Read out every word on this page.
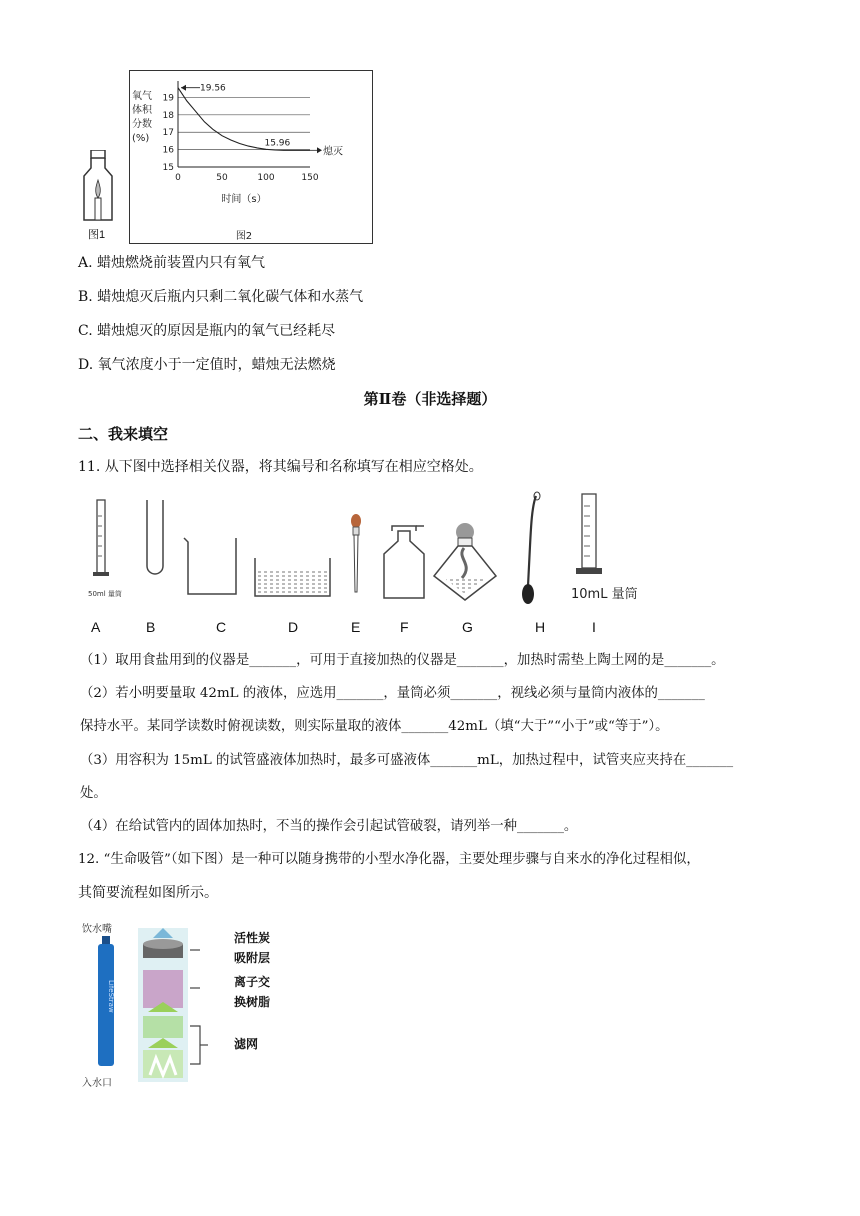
图1
氧气
体积
分数
(%)
15
16
17
18
19
0	50	100	150
时间（s）
图2
19.56
15.96
熄灭
A. 蜡烛燃烧前装置内只有氧气
B. 蜡烛熄灭后瓶内只剩二氧化碳气体和水蒸气
C. 蜡烛熄灭的原因是瓶内的氧气已经耗尽
D. 氧气浓度小于一定值时，蜡烛无法燃烧
第Ⅱ卷（非选择题）
二、我来填空
11. 从下图中选择相关仪器，将其编号和名称填写在相应空格处。
50ml 量筒	10mL 量筒
A	B	C	D	E	F	G	H	I
（1）取用食盐用到的仪器是_______，可用于直接加热的仪器是_______，加热时需垫上陶土网的是_______。
（2）若小明要量取 42mL 的液体，应选用_______，量筒必须_______，视线必须与量筒内液体的_______
保持水平。某同学读数时俯视读数，则实际量取的液体_______42mL（填“大于”“小于”或“等于”）。
（3）用容积为 15mL 的试管盛液体加热时，最多可盛液体_______mL，加热过程中，试管夹应夹持在_______
处。
（4）在给试管内的固体加热时，不当的操作会引起试管破裂，请列举一种_______。
12. “生命吸管”（如下图）是一种可以随身携带的小型水净化器，主要处理步骤与自来水的净化过程相似，
其简要流程如图所示。
饮水嘴
入水口
LifeStraw
活性炭
吸附层
离子交
换树脂
滤网
